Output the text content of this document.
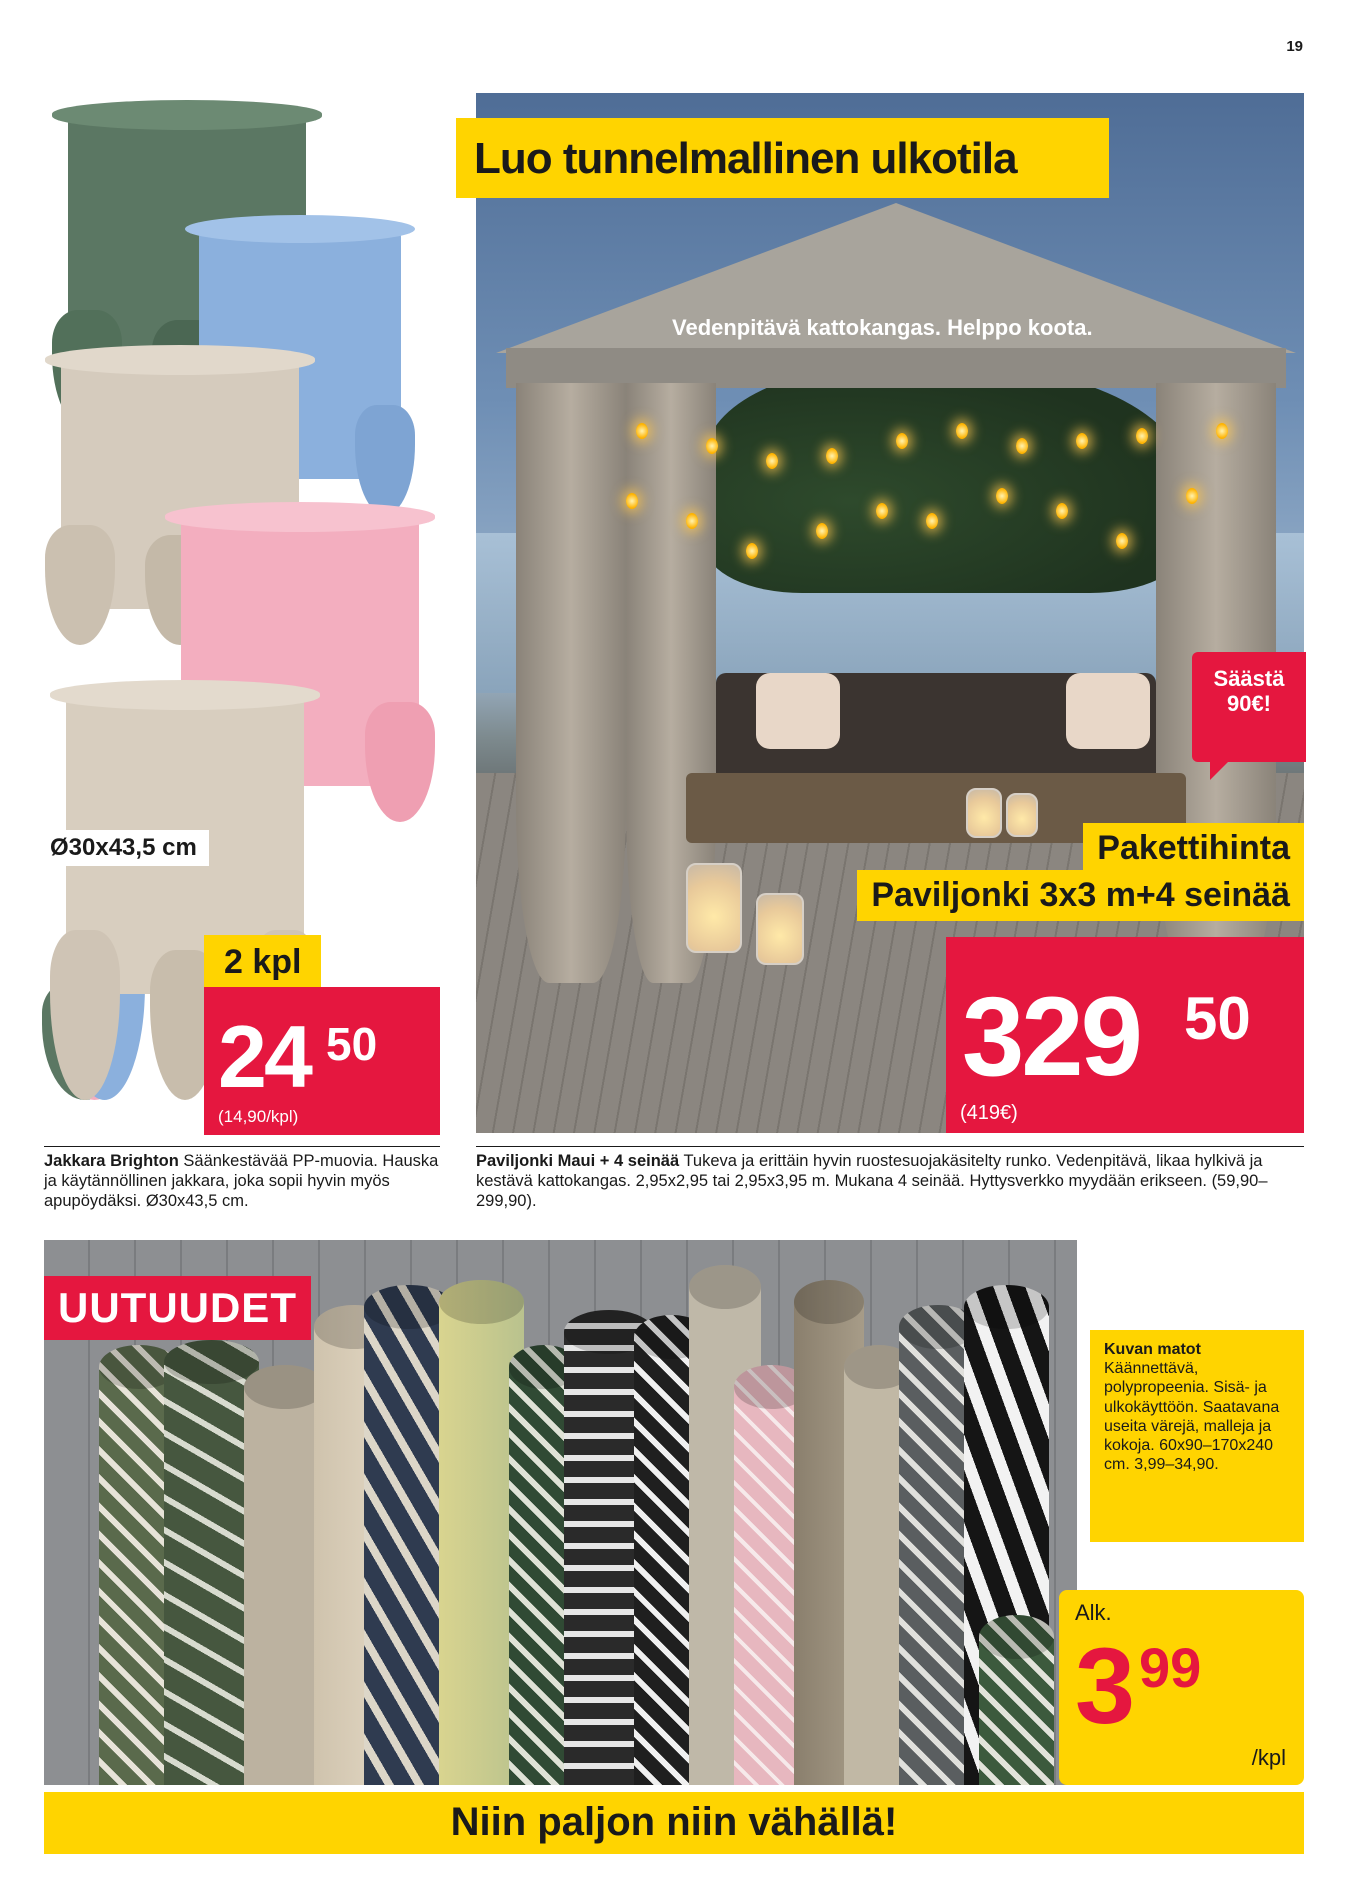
19
Ø30x43,5 cm
2 kpl
24 50
(14,90/kpl)
Luo tunnelmallinen ulkotila
Vedenpitävä kattokangas. Helppo koota.
Säästä 90€!
Pakettihinta
Paviljonki 3x3 m+4 seinää
329 50
(419€)
Jakkara Brighton Säänkestävää PP-muovia. Hauska ja käytännöllinen jakkara, joka sopii hyvin myös apupöydäksi. Ø30x43,5 cm.
Paviljonki Maui + 4 seinää Tukeva ja erittäin hyvin ruostesuojakäsitelty runko. Vedenpitävä, likaa hylkivä ja kestävä kattokangas. 2,95x2,95 tai 2,95x3,95 m. Mukana 4 seinää. Hyttysverkko myydään erikseen. (59,90–299,90).
UUTUUDET
Kuvan matot
Käännettävä, polypropeenia. Sisä- ja ulkokäyttöön. Saatavana useita värejä, malleja ja kokoja. 60x90–170x240 cm. 3,99–34,90.
Alk.
3 99
/kpl
Niin paljon niin vähällä!
